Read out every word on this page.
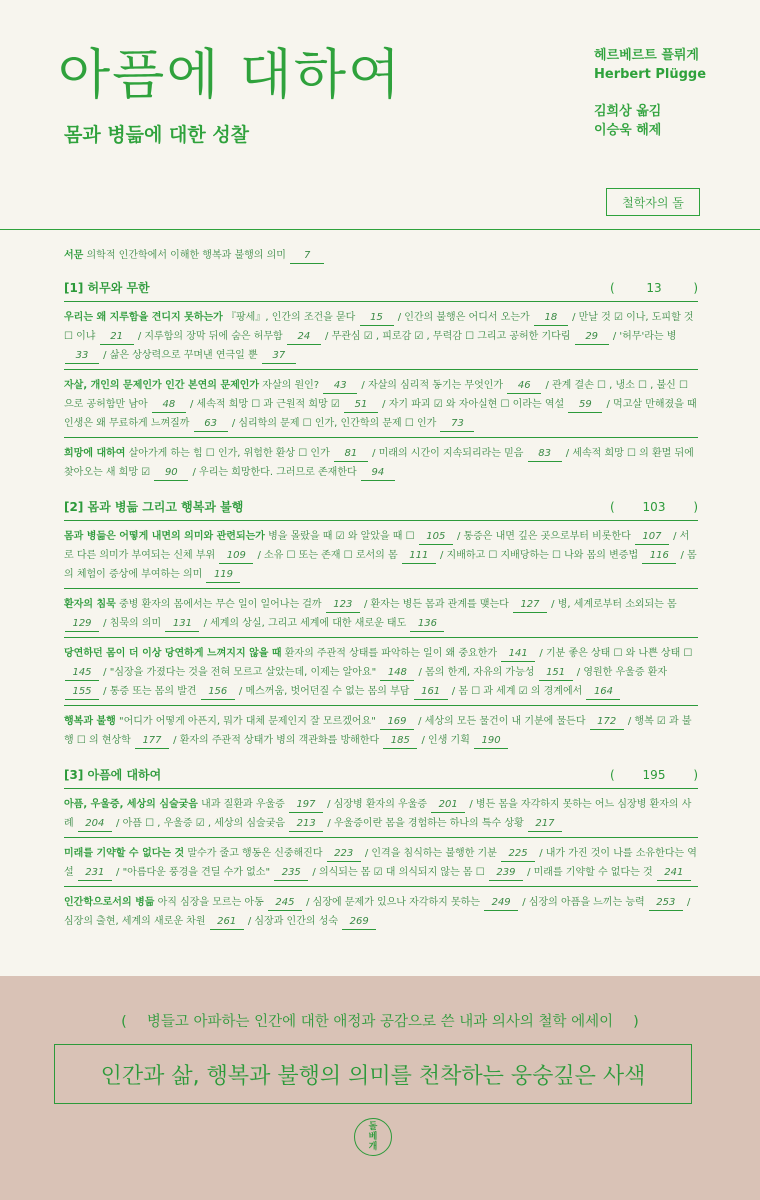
아픔에 대하여
몸과 병듦에 대한 성찰
헤르베르트 플뤼게
Herbert Plügge
김희상 옮김
이승욱 해제
철학자의 돌
서문 의학적 인간학에서 이해한 행복과 불행의 의미 7
[1] 허무와 무한	(	13	)
우리는 왜 지루함을 견디지 못하는가 『팡세』, 인간의 조건을 묻다 15 / 인간의 불행은 어디서 오는가 18 / 만날 것 ☑ 이나, 도피할 것 ☐ 이냐 21 / 지루함의 장막 뒤에 숨은 허무함 24 / 무관심 ☑ , 피로감 ☑ , 무력감 ☐ 그리고 공허한 기다림 29 / '허무'라는 병 33 / 삶은 상상력으로 꾸며낸 연극일 뿐 37
자살, 개인의 문제인가 인간 본연의 문제인가 자살의 원인? 43 / 자살의 심리적 동기는 무엇인가 46 / 관계 결손 ☐ , 냉소 ☐ , 불신 ☐ 으로 공허함만 남아 48 / 세속적 희망 ☐ 과 근원적 희망 ☑ 51 / 자기 파괴 ☑ 와 자아실현 ☐ 이라는 역설 59 / 먹고살 만해졌을 때 인생은 왜 무료하게 느껴질까 63 / 심리학의 문제 ☐ 인가, 인간학의 문제 ☐ 인가 73
희망에 대하여 살아가게 하는 힘 ☐ 인가, 위험한 환상 ☐ 인가 81 / 미래의 시간이 지속되리라는 믿음 83 / 세속적 희망 ☐ 의 환멸 뒤에 찾아오는 새 희망 ☑ 90 / 우리는 희망한다. 그러므로 존재한다 94
[2] 몸과 병듦 그리고 행복과 불행	( 103 )
몸과 병듦은 어떻게 내면의 의미와 관련되는가 병을 몰랐을 때 ☑ 와 알았을 때 ☐ 105 / 통증은 내면 깊은 곳으로부터 비롯한다 107 / 서로 다른 의미가 부여되는 신체 부위 109 / 소유 ☐ 또는 존재 ☐ 로서의 몸 111 / 지배하고 ☐ 지배당하는 ☐ 나와 몸의 변증법 116 / 몸의 체험이 증상에 부여하는 의미 119
환자의 침묵 중병 환자의 몸에서는 무슨 일이 일어나는 걸까 123 / 환자는 병든 몸과 관계를 맺는다 127 / 병, 세계로부터 소외되는 몸 129 / 침묵의 의미 131 / 세계의 상실, 그리고 세계에 대한 새로운 태도 136
당연하던 몸이 더 이상 당연하게 느껴지지 않을 때 환자의 주관적 상태를 파악하는 일이 왜 중요한가 141 / 기분 좋은 상태 ☐ 와 나쁜 상태 ☐ 145 / "심장을 가졌다는 것을 전혀 모르고 살았는데, 이제는 알아요" 148 / 몸의 한계, 자유의 가능성 151 / 영원한 우울증 환자 155 / 통증 또는 몸의 발견 156 / 메스꺼움, 벗어던질 수 없는 몸의 부담 161 / 몸 ☐ 과 세계 ☑ 의 경계에서 164
행복과 불행 "어디가 어떻게 아픈지, 뭐가 대체 문제인지 잘 모르겠어요" 169 / 세상의 모든 물건이 내 기분에 물든다 172 / 행복 ☑ 과 불행 ☐ 의 현상학 177 / 환자의 주관적 상태가 병의 객관화를 방해한다 185 / 인생 기획 190
[3] 아픔에 대하여	( 195 )
아픔, 우울증, 세상의 심술궂음 내과 질환과 우울증 197 / 심장병 환자의 우울증 201 / 병든 몸을 자각하지 못하는 어느 심장병 환자의 사례 204 / 아픔 ☐ , 우울증 ☑ , 세상의 심술궂음 213 / 우울증이란 몸을 경험하는 하나의 특수 상황 217
미래를 기약할 수 없다는 것 말수가 줄고 행동은 신중해진다 223 / 인격을 침식하는 불행한 기분 225 / 내가 가진 것이 나를 소유한다는 역설 231 / "아름다운 풍경을 견딜 수가 없소" 235 / 의식되는 몸 ☑ 대 의식되지 않는 몸 ☐ 239 / 미래를 기약할 수 없다는 것 241
인간학으로서의 병듦 아직 심장을 모르는 아동 245 / 심장에 문제가 있으나 자각하지 못하는 249 / 심장의 아픔을 느끼는 능력 253 / 심장의 출현, 세계의 새로운 차원 261 / 심장과 인간의 성숙 269
( 병들고 아파하는 인간에 대한 애정과 공감으로 쓴 내과 의사의 철학 에세이 )
인간과 삶, 행복과 불행의 의미를 천착하는 웅숭깊은 사색
돌베개
